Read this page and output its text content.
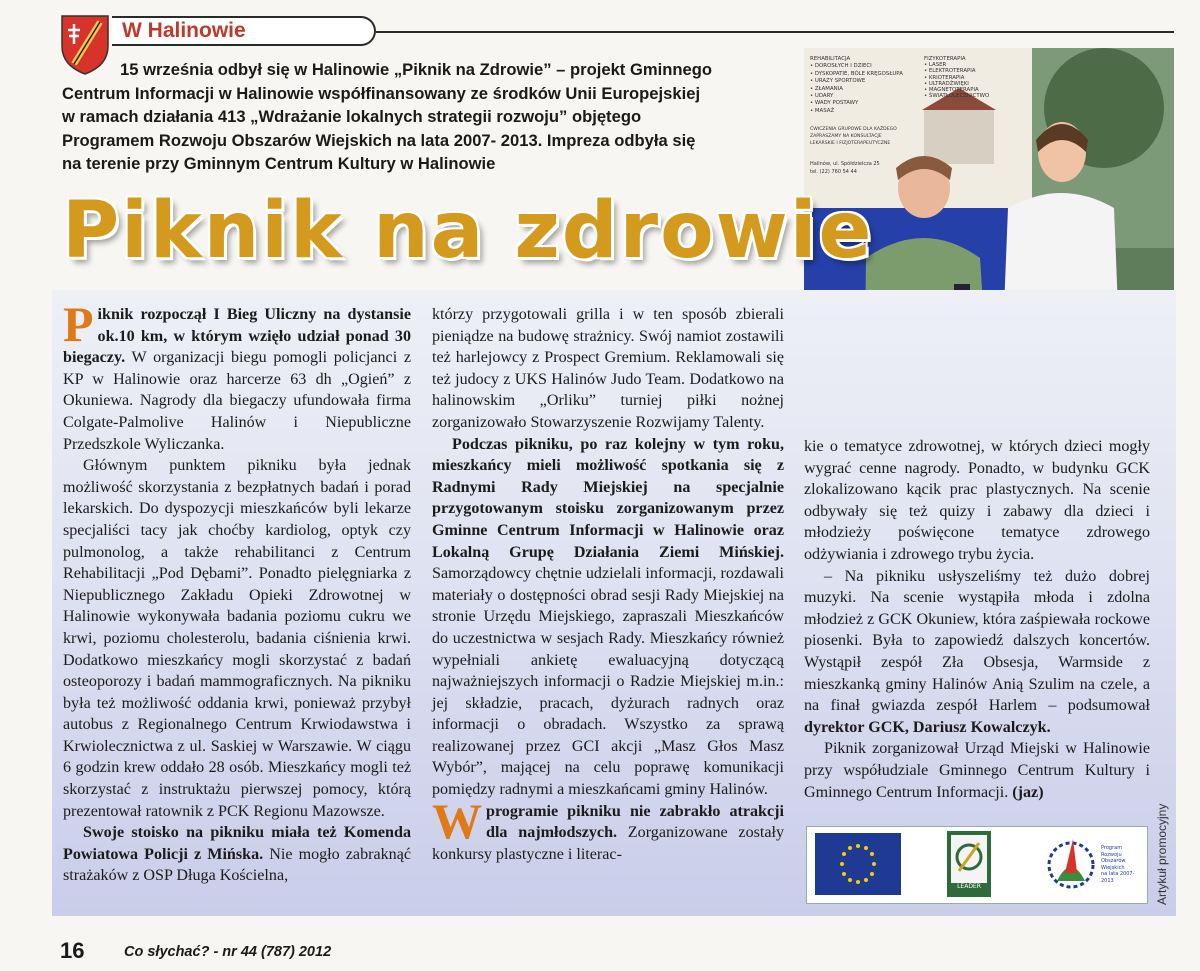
W Halinowie
15 września odbył się w Halinowie „Piknik na Zdrowie” – projekt Gminnego
Centrum Informacji w Halinowie współfinansowany ze środków Unii Europejskiej
w ramach działania 413 „Wdrażanie lokalnych strategii rozwoju” objętego
Programem Rozwoju Obszarów Wiejskich na lata 2007- 2013. Impreza odbyła się
na terenie przy Gminnym Centrum Kultury w Halinowie
REHABILITACJA
• DOROSŁYCH I DZIECI
• DYSKOPATIE, BÓLE KRĘGOSŁUPA
• URAZY SPORTOWE
• ZŁAMANIA
• UDARY
• WADY POSTAWY
• MASAŻ
FIZYKOTERAPIA
• LASER
• ELEKTROTERAPIA
• KRIOTERAPIA
• ULTRADŹWIĘKI
• MAGNETOTERAPIA
• ŚWIATŁOLECZNICTWO
ĆWICZENIA GRUPOWE DLA KAŻDEGO
ZAPRASZAMY NA KONSULTACJE
LEKARSKIE I FIZJOTERAPEUTYCZNE
Halinów, ul. Spółdzielcza 25
tel. (22) 760 54 44
Piknik na zdrowie

Piknik rozpoczął I Bieg Uliczny na dystansie ok.10 km, w którym wzięło udział ponad 30 biegaczy. W organizacji biegu pomogli policjanci z KP w Halinowie oraz harcerze 63 dh „Ogień” z Okuniewa. Nagrody dla biegaczy ufundowała firma Colgate-Palmolive Halinów i Niepubliczne Przedszkole Wyliczanka.

Głównym punktem pikniku była jednak możliwość skorzystania z bezpłatnych badań i porad lekarskich. Do dyspozycji mieszkańców byli lekarze specjaliści tacy jak choćby kardiolog, optyk czy pulmonolog, a także rehabilitanci z Centrum Rehabilitacji „Pod Dębami”. Ponadto pielęgniarka z Niepublicznego Zakładu Opieki Zdrowotnej w Halinowie wykonywała badania poziomu cukru we krwi, poziomu cholesterolu, badania ciśnienia krwi. Dodatkowo mieszkańcy mogli skorzystać z badań osteoporozy i badań mammograficznych. Na pikniku była też możliwość oddania krwi, ponieważ przybył autobus z Regionalnego Centrum Krwiodawstwa i Krwiolecznictwa z ul. Saskiej w Warszawie. W ciągu 6 godzin krew oddało 28 osób. Mieszkańcy mogli też skorzystać z instruktażu pierwszej pomocy, którą prezentował ratownik z PCK Regionu Mazowsze.

Swoje stoisko na pikniku miała też Komenda Powiatowa Policji z Mińska. Nie mogło zabraknąć strażaków z OSP Długa Kościelna,

którzy przygotowali grilla i w ten sposób zbierali pieniądze na budowę strażnicy. Swój namiot zostawili też harlejowcy z Prospect Gremium. Reklamowali się też judocy z UKS Halinów Judo Team. Dodatkowo na halinowskim „Orliku” turniej piłki nożnej zorganizowało Stowarzyszenie Rozwijamy Talenty.

Podczas pikniku, po raz kolejny w tym roku, mieszkańcy mieli możliwość spotkania się z Radnymi Rady Miejskiej na specjalnie przygotowanym stoisku zorganizowanym przez Gminne Centrum Informacji w Halinowie oraz Lokalną Grupę Działania Ziemi Mińskiej. Samorządowcy chętnie udzielali informacji, rozdawali materiały o dostępności obrad sesji Rady Miejskiej na stronie Urzędu Miejskiego, zapraszali Mieszkańców do uczestnictwa w sesjach Rady. Mieszkańcy również wypełniali ankietę ewaluacyjną dotyczącą najważniejszych informacji o Radzie Miejskiej m.in.: jej składzie, pracach, dyżurach radnych oraz informacji o obradach. Wszystko za sprawą realizowanej przez GCI akcji „Masz Głos Masz Wybór”, mającej na celu poprawę komunikacji pomiędzy radnymi a mieszkańcami gminy Halinów.

Wprogramie pikniku nie zabrakło atrakcji dla najmłodszych. Zorganizowane zostały konkursy plastyczne i literac-

kie o tematyce zdrowotnej, w których dzieci mogły wygrać cenne nagrody. Ponadto, w budynku GCK zlokalizowano kącik prac plastycznych. Na scenie odbywały się też quizy i zabawy dla dzieci i młodzieży poświęcone tematyce zdrowego odżywiania i zdrowego trybu życia.

– Na pikniku usłyszeliśmy też dużo dobrej muzyki. Na scenie wystąpiła młoda i zdolna młodzież z GCK Okuniew, która zaśpiewała rockowe piosenki. Była to zapowiedź dalszych koncertów. Wystąpił zespół Zła Obsesja, Warmside z mieszkanką gminy Halinów Anią Szulim na czele, a na finał gwiazda zespół Harlem – podsumował dyrektor GCK, Dariusz Kowalczyk.

Piknik zorganizował Urząd Miejski w Halinowie przy współudziale Gminnego Centrum Kultury i Gminnego Centrum Informacji. (jaz)

Artykuł promocyjny
LEADER
Program
Rozwoju
Obszarów
Wiejskich
na lata 2007-2013
16	Co słychać? - nr 44 (787) 2012
